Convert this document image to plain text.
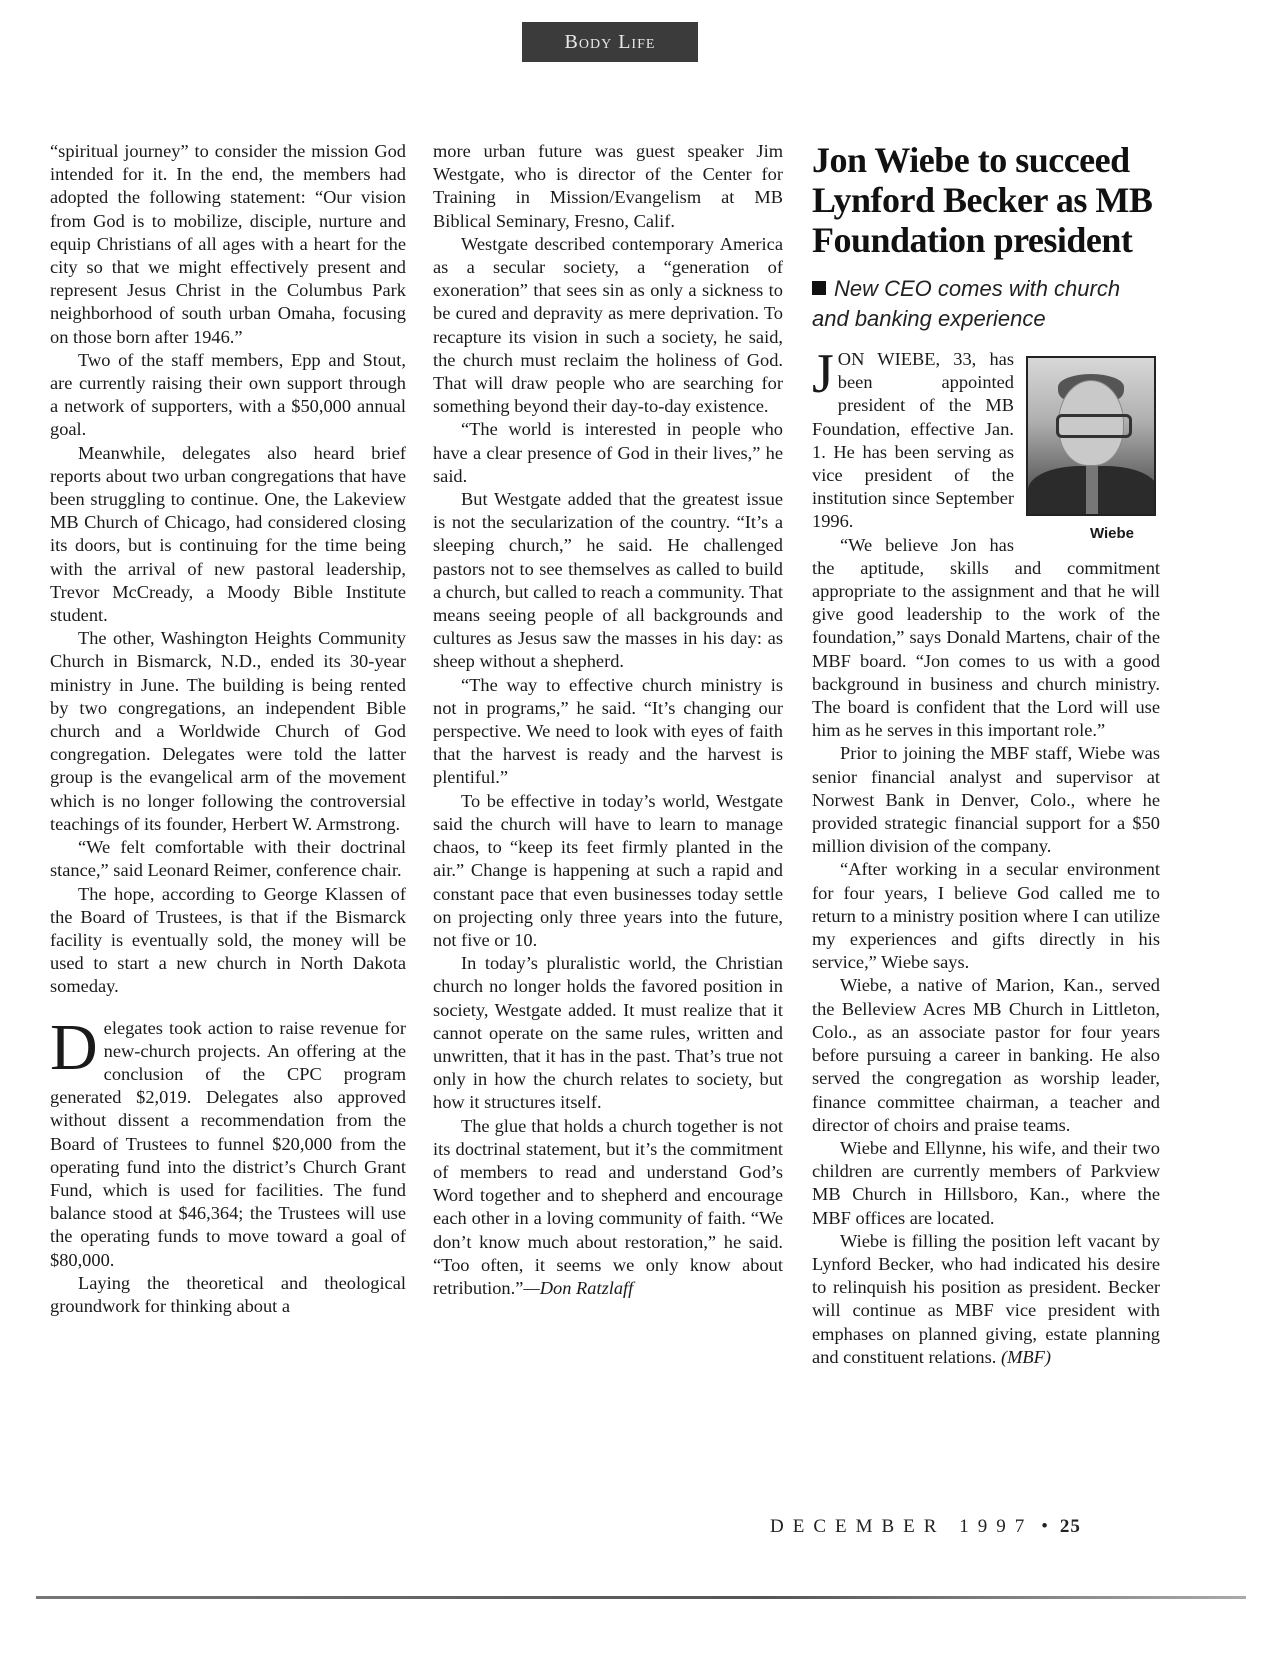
Body Life

“spiritual journey” to consider the mission God intended for it. In the end, the members had adopted the following statement: “Our vision from God is to mobilize, disciple, nurture and equip Christians of all ages with a heart for the city so that we might effectively present and represent Jesus Christ in the Columbus Park neighborhood of south urban Omaha, focusing on those born after 1946.”

Two of the staff members, Epp and Stout, are currently raising their own support through a network of supporters, with a $50,000 annual goal.

Meanwhile, delegates also heard brief reports about two urban congregations that have been struggling to continue. One, the Lakeview MB Church of Chicago, had considered closing its doors, but is continuing for the time being with the arrival of new pastoral leadership, Trevor McCready, a Moody Bible Institute student.

The other, Washington Heights Community Church in Bismarck, N.D., ended its 30-year ministry in June. The building is being rented by two congregations, an independent Bible church and a Worldwide Church of God congregation. Delegates were told the latter group is the evangelical arm of the movement which is no longer following the controversial teachings of its founder, Herbert W. Armstrong.

“We felt comfortable with their doctrinal stance,” said Leonard Reimer, conference chair.

The hope, according to George Klassen of the Board of Trustees, is that if the Bismarck facility is eventually sold, the money will be used to start a new church in North Dakota someday.

Delegates took action to raise revenue for new-church projects. An offering at the conclusion of the CPC program generated $2,019. Delegates also approved without dissent a recommendation from the Board of Trustees to funnel $20,000 from the operating fund into the district’s Church Grant Fund, which is used for facilities. The fund balance stood at $46,364; the Trustees will use the operating funds to move toward a goal of $80,000.

Laying the theoretical and theological groundwork for thinking about a

more urban future was guest speaker Jim Westgate, who is director of the Center for Training in Mission/Evangelism at MB Biblical Seminary, Fresno, Calif.

Westgate described contemporary America as a secular society, a “generation of exoneration” that sees sin as only a sickness to be cured and depravity as mere deprivation. To recapture its vision in such a society, he said, the church must reclaim the holiness of God. That will draw people who are searching for something beyond their day-to-day existence.

“The world is interested in people who have a clear presence of God in their lives,” he said.

But Westgate added that the greatest issue is not the secularization of the country. “It’s a sleeping church,” he said. He challenged pastors not to see themselves as called to build a church, but called to reach a community. That means seeing people of all backgrounds and cultures as Jesus saw the masses in his day: as sheep without a shepherd.

“The way to effective church ministry is not in programs,” he said. “It’s changing our perspective. We need to look with eyes of faith that the harvest is ready and the harvest is plentiful.”

To be effective in today’s world, Westgate said the church will have to learn to manage chaos, to “keep its feet firmly planted in the air.” Change is happening at such a rapid and constant pace that even businesses today settle on projecting only three years into the future, not five or 10.

In today’s pluralistic world, the Christian church no longer holds the favored position in society, Westgate added. It must realize that it cannot operate on the same rules, written and unwritten, that it has in the past. That’s true not only in how the church relates to society, but how it structures itself.

The glue that holds a church together is not its doctrinal statement, but it’s the commitment of members to read and understand God’s Word together and to shepherd and encourage each other in a loving community of faith. “We don’t know much about restoration,” he said. “Too often, it seems we only know about retribution.”—Don Ratzlaff

Jon Wiebe to succeed Lynford Becker as MB Foundation president
New CEO comes with church and banking experience

J
Wiebe
ON WIEBE, 33, has been appointed president of the MB Foundation, effective Jan. 1. He has been serving as vice president of the institution since September 1996.

“We believe Jon has the aptitude, skills and commitment appropriate to the assignment and that he will give good leadership to the work of the foundation,” says Donald Martens, chair of the MBF board. “Jon comes to us with a good background in business and church ministry. The board is confident that the Lord will use him as he serves in this important role.”

Prior to joining the MBF staff, Wiebe was senior financial analyst and supervisor at Norwest Bank in Denver, Colo., where he provided strategic financial support for a $50 million division of the company.

“After working in a secular environment for four years, I believe God called me to return to a ministry position where I can utilize my experiences and gifts directly in his service,” Wiebe says.

Wiebe, a native of Marion, Kan., served the Belleview Acres MB Church in Littleton, Colo., as an associate pastor for four years before pursuing a career in banking. He also served the congregation as worship leader, finance committee chairman, a teacher and director of choirs and praise teams.

Wiebe and Ellynne, his wife, and their two children are currently members of Parkview MB Church in Hillsboro, Kan., where the MBF offices are located.

Wiebe is filling the position left vacant by Lynford Becker, who had indicated his desire to relinquish his position as president. Becker will continue as MBF vice president with emphases on planned giving, estate planning and constituent relations. (MBF)

DECEMBER 1997 • 25
